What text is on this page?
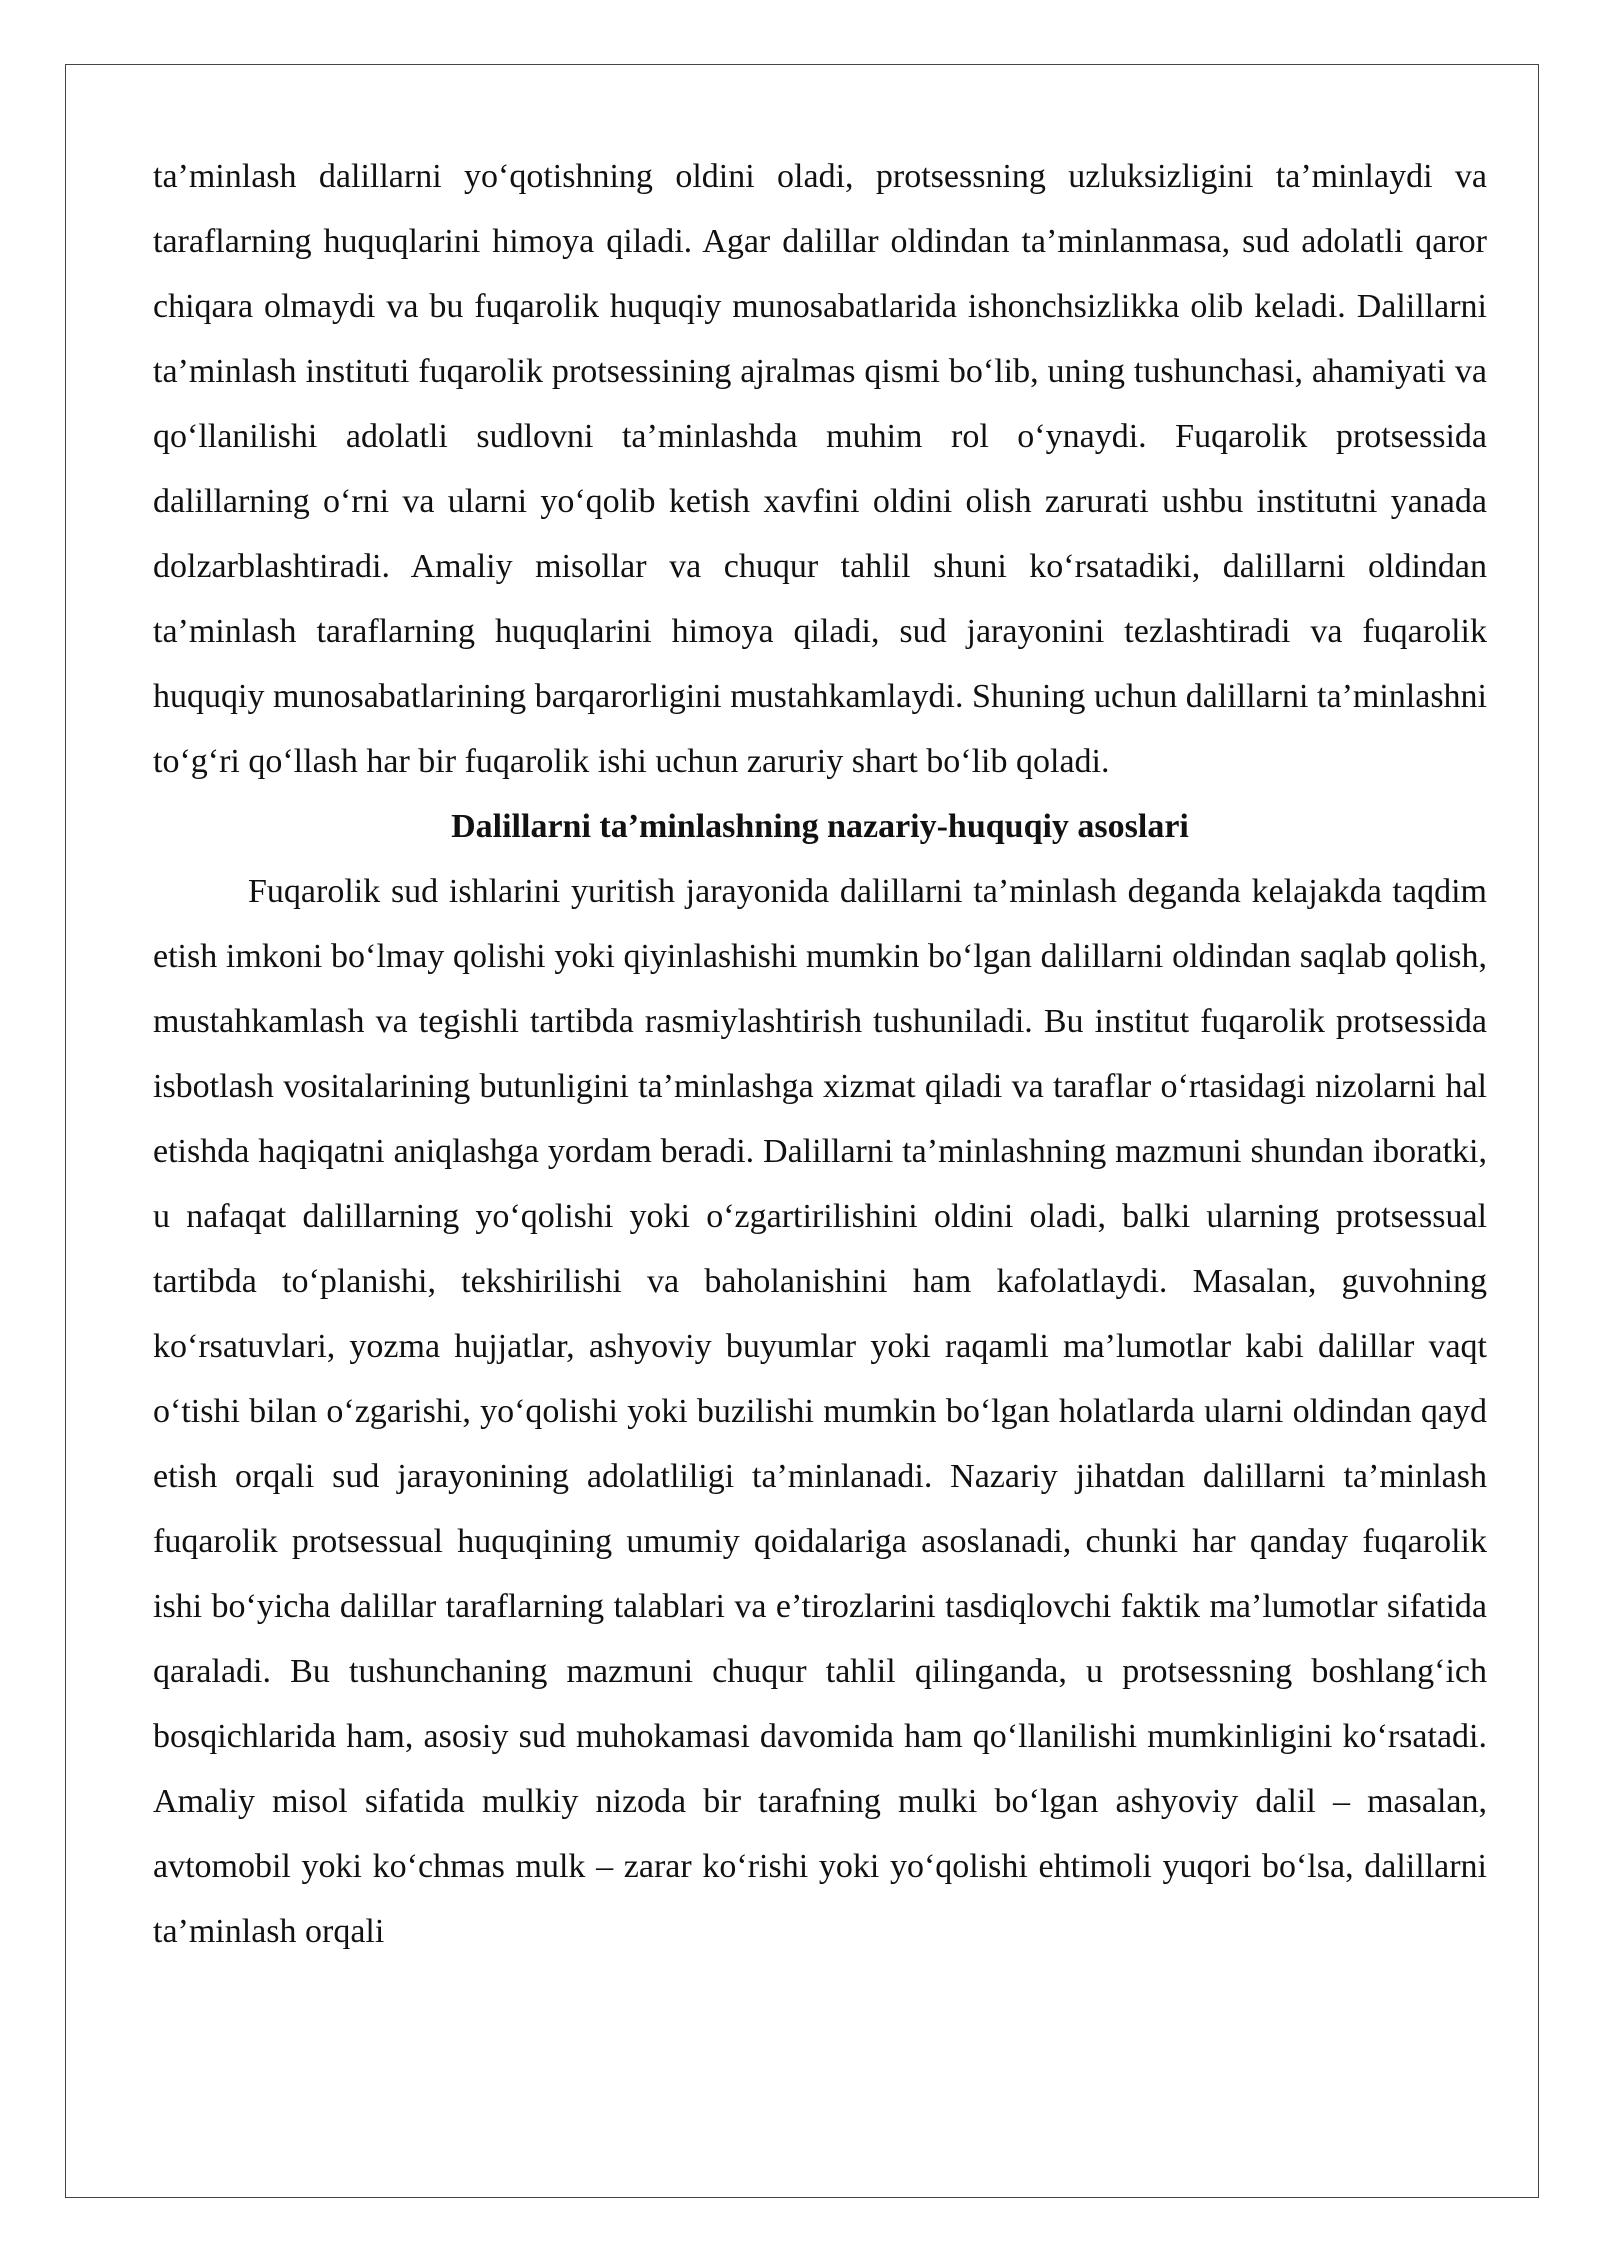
ta’minlash dalillarni yo‘qotishning oldini oladi, protsessning uzluksizligini ta’minlaydi va taraflarning huquqlarini himoya qiladi. Agar dalillar oldindan ta’minlanmasa, sud adolatli qaror chiqara olmaydi va bu fuqarolik huquqiy munosabatlarida ishonchsizlikka olib keladi. Dalillarni ta’minlash instituti fuqarolik protsessining ajralmas qismi bo‘lib, uning tushunchasi, ahamiyati va qo‘llanilishi adolatli sudlovni ta’minlashda muhim rol o‘ynaydi. Fuqarolik protsessida dalillarning o‘rni va ularni yo‘qolib ketish xavfini oldini olish zarurati ushbu institutni yanada dolzarblashtiradi. Amaliy misollar va chuqur tahlil shuni ko‘rsatadiki, dalillarni oldindan ta’minlash taraflarning huquqlarini himoya qiladi, sud jarayonini tezlashtiradi va fuqarolik huquqiy munosabatlarining barqarorligini mustahkamlaydi. Shuning uchun dalillarni ta’minlashni to‘g‘ri qo‘llash har bir fuqarolik ishi uchun zaruriy shart bo‘lib qoladi.

Dalillarni ta’minlashning nazariy-huquqiy asoslari

Fuqarolik sud ishlarini yuritish jarayonida dalillarni ta’minlash deganda kelajakda taqdim etish imkoni bo‘lmay qolishi yoki qiyinlashishi mumkin bo‘lgan dalillarni oldindan saqlab qolish, mustahkamlash va tegishli tartibda rasmiylashtirish tushuniladi. Bu institut fuqarolik protsessida isbotlash vositalarining butunligini ta’minlashga xizmat qiladi va taraflar o‘rtasidagi nizolarni hal etishda haqiqatni aniqlashga yordam beradi. Dalillarni ta’minlashning mazmuni shundan iboratki, u nafaqat dalillarning yo‘qolishi yoki o‘zgartirilishini oldini oladi, balki ularning protsessual tartibda to‘planishi, tekshirilishi va baholanishini ham kafolatlaydi. Masalan, guvohning ko‘rsatuvlari, yozma hujjatlar, ashyoviy buyumlar yoki raqamli ma’lumotlar kabi dalillar vaqt o‘tishi bilan o‘zgarishi, yo‘qolishi yoki buzilishi mumkin bo‘lgan holatlarda ularni oldindan qayd etish orqali sud jarayonining adolatliligi ta’minlanadi. Nazariy jihatdan dalillarni ta’minlash fuqarolik protsessual huquqining umumiy qoidalariga asoslanadi, chunki har qanday fuqarolik ishi bo‘yicha dalillar taraflarning talablari va e’tirozlarini tasdiqlovchi faktik ma’lumotlar sifatida qaraladi. Bu tushunchaning mazmuni chuqur tahlil qilinganda, u protsessning boshlang‘ich bosqichlarida ham, asosiy sud muhokamasi davomida ham qo‘llanilishi mumkinligini ko‘rsatadi. Amaliy misol sifatida mulkiy nizoda bir tarafning mulki bo‘lgan ashyoviy dalil – masalan, avtomobil yoki ko‘chmas mulk – zarar ko‘rishi yoki yo‘qolishi ehtimoli yuqori bo‘lsa, dalillarni ta’minlash orqali
